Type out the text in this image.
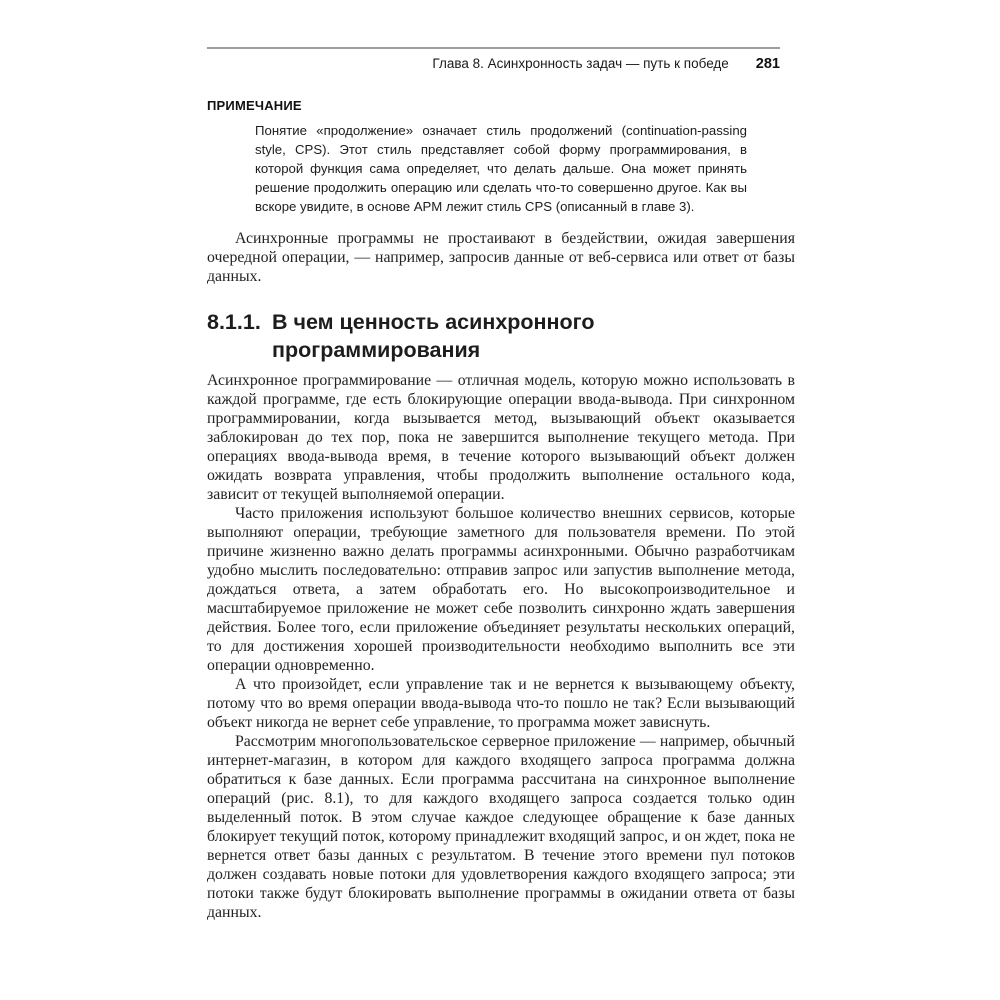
Глава 8. Асинхронность задач — путь к победе 281
ПРИМЕЧАНИЕ

Понятие «продолжение» означает стиль продолжений (continuation-passing style, CPS). Этот стиль представляет собой форму программирования, в которой функция сама определяет, что делать дальше. Она может принять решение продолжить операцию или сделать что-то совершенно другое. Как вы вскоре увидите, в основе APM лежит стиль CPS (описанный в главе 3).

Асинхронные программы не простаивают в бездействии, ожидая завершения очередной операции, — например, запросив данные от веб-сервиса или ответ от базы данных.

8.1.1. В чем ценность асинхронного
программирования

Асинхронное программирование — отличная модель, которую можно использовать в каждой программе, где есть блокирующие операции ввода-вывода. При синхронном программировании, когда вызывается метод, вызывающий объект оказывается заблокирован до тех пор, пока не завершится выполнение текущего метода. При операциях ввода-вывода время, в течение которого вызывающий объект должен ожидать возврата управления, чтобы продолжить выполнение остального кода, зависит от текущей выполняемой операции.

Часто приложения используют большое количество внешних сервисов, которые выполняют операции, требующие заметного для пользователя времени. По этой причине жизненно важно делать программы асинхронными. Обычно разработчикам удобно мыслить последовательно: отправив запрос или запустив выполнение метода, дождаться ответа, а затем обработать его. Но высокопроизводительное и масштабируемое приложение не может себе позволить синхронно ждать завершения действия. Более того, если приложение объединяет результаты нескольких операций, то для достижения хорошей производительности необходимо выполнить все эти операции одновременно.

А что произойдет, если управление так и не вернется к вызывающему объекту, потому что во время операции ввода-вывода что-то пошло не так? Если вызывающий объект никогда не вернет себе управление, то программа может зависнуть.

Рассмотрим многопользовательское серверное приложение — например, обычный интернет-магазин, в котором для каждого входящего запроса программа должна обратиться к базе данных. Если программа рассчитана на синхронное выполнение операций (рис. 8.1), то для каждого входящего запроса создается только один выделенный поток. В этом случае каждое следующее обращение к базе данных блокирует текущий поток, которому принадлежит входящий запрос, и он ждет, пока не вернется ответ базы данных с результатом. В течение этого времени пул потоков должен создавать новые потоки для удовлетворения каждого входящего запроса; эти потоки также будут блокировать выполнение программы в ожидании ответа от базы данных.
